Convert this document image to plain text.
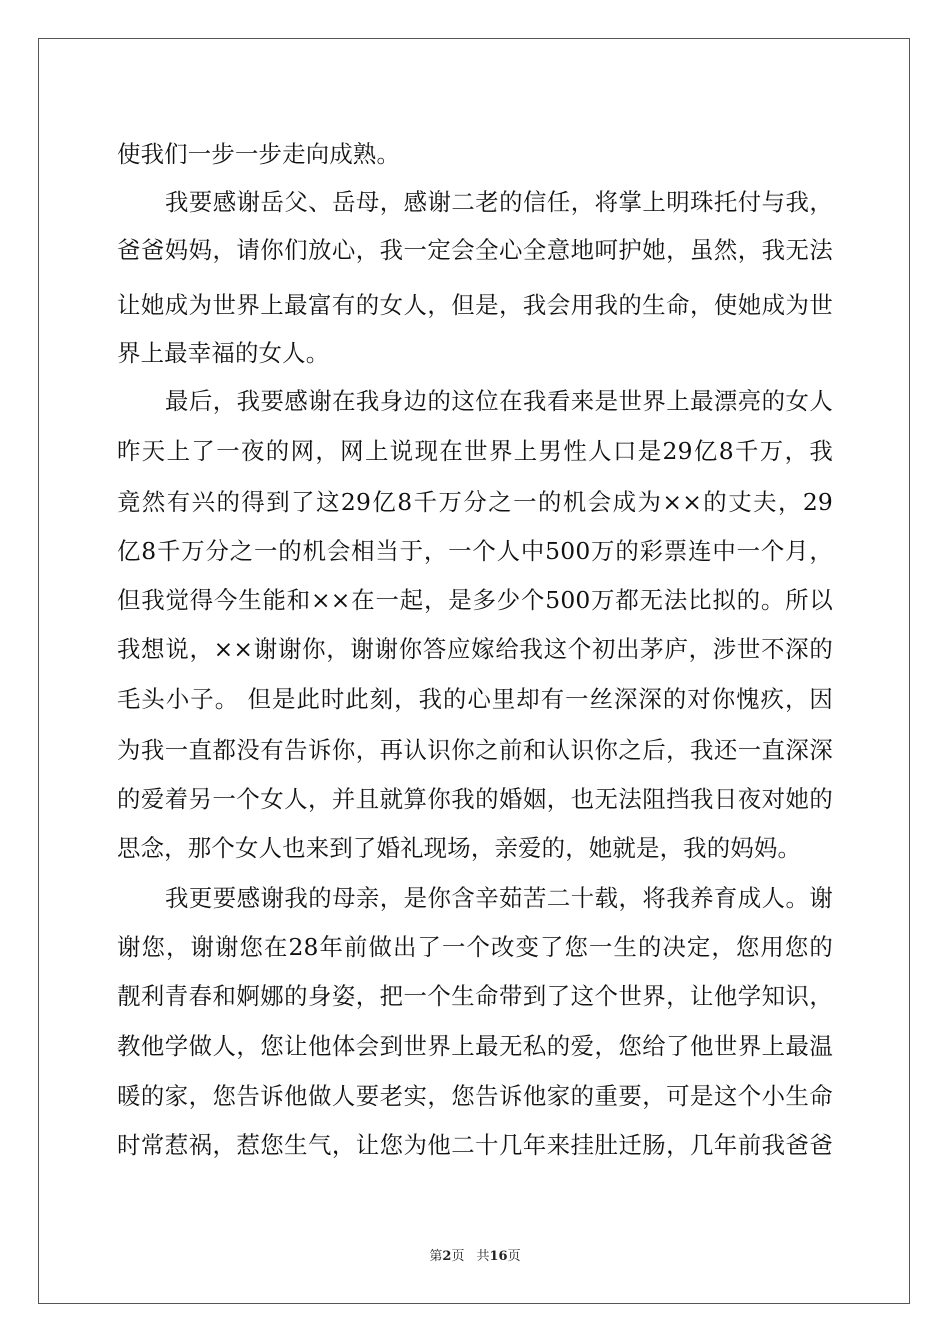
使我们一步一步走向成熟。
我要感谢岳父、岳母，感谢二老的信任，将掌上明珠托付与我，
爸爸妈妈，请你们放心，我一定会全心全意地呵护她，虽然，我无法
让她成为世界上最富有的女人，但是，我会用我的生命，使她成为世
界上最幸福的女人。
最后，我要感谢在我身边的这位在我看来是世界上最漂亮的女人
昨天上了一夜的网，网上说现在世界上男性人口是29亿8千万，我
竟然有兴的得到了这29亿8千万分之一的机会成为××的丈夫，29
亿8千万分之一的机会相当于，一个人中500万的彩票连中一个月，
但我觉得今生能和××在一起，是多少个500万都无法比拟的。所以
我想说，××谢谢你，谢谢你答应嫁给我这个初出茅庐，涉世不深的
毛头小子。 但是此时此刻，我的心里却有一丝深深的对你愧疚，因
为我一直都没有告诉你，再认识你之前和认识你之后，我还一直深深
的爱着另一个女人，并且就算你我的婚姻，也无法阻挡我日夜对她的
思念，那个女人也来到了婚礼现场，亲爱的，她就是，我的妈妈。
我更要感谢我的母亲，是你含辛茹苦二十载，将我养育成人。谢
谢您，谢谢您在28年前做出了一个改变了您一生的决定，您用您的
靓利青春和婀娜的身姿，把一个生命带到了这个世界，让他学知识，
教他学做人，您让他体会到世界上最无私的爱，您给了他世界上最温
暖的家，您告诉他做人要老实，您告诉他家的重要，可是这个小生命
时常惹祸，惹您生气，让您为他二十几年来挂肚迁肠，几年前我爸爸
第2页 共16页
